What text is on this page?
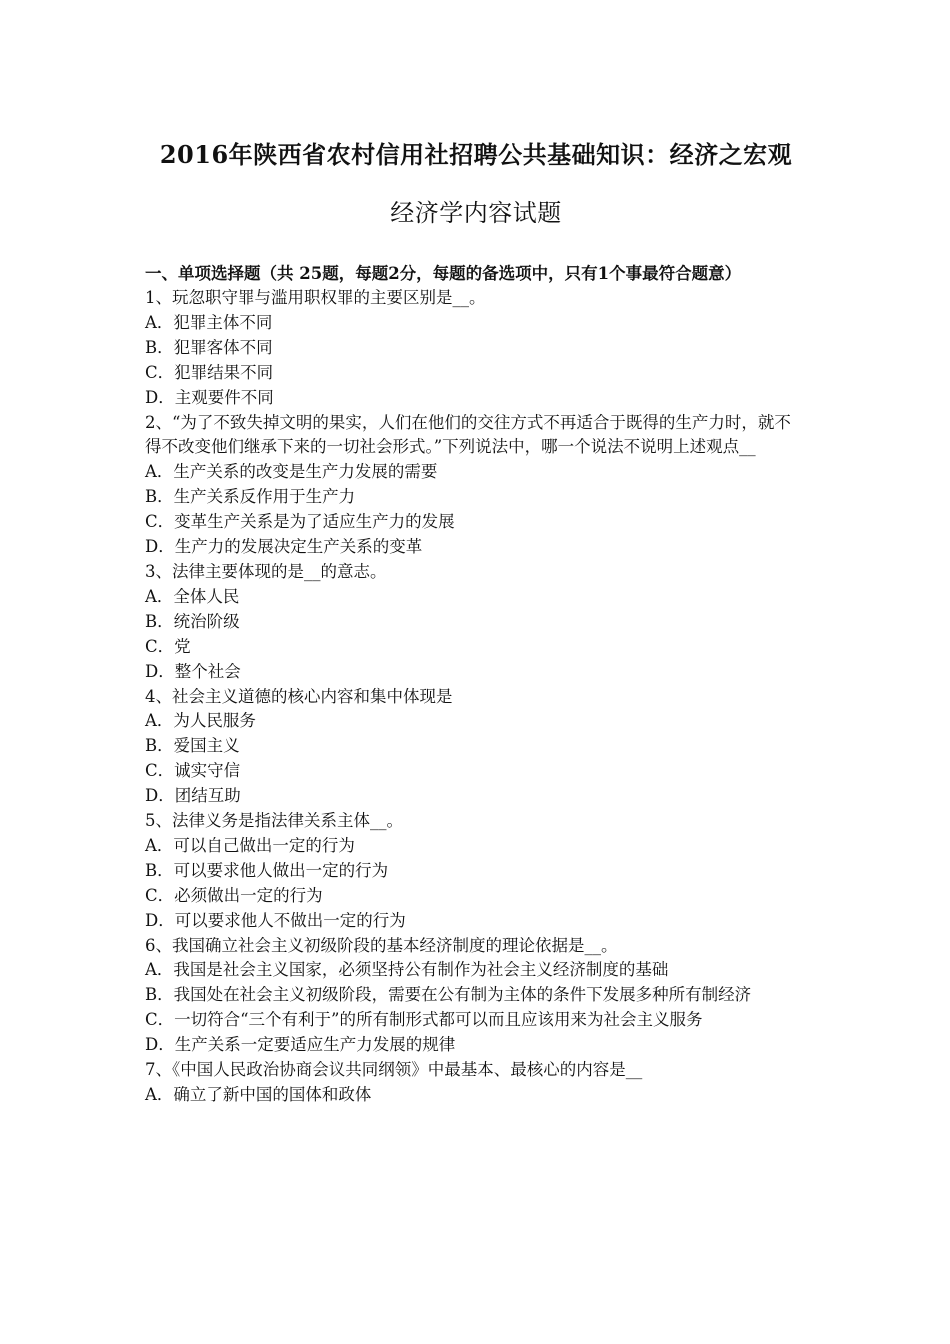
2016年陕西省农村信用社招聘公共基础知识：经济之宏观
经济学内容试题
一、单项选择题（共 25题，每题2分，每题的备选项中，只有1个事最符合题意）

1、玩忽职守罪与滥用职权罪的主要区别是__。

A．犯罪主体不同

B．犯罪客体不同

C．犯罪结果不同

D．主观要件不同

2、“为了不致失掉文明的果实，人们在他们的交往方式不再适合于既得的生产力时，就不得不改变他们继承下来的一切社会形式。”下列说法中，哪一个说法不说明上述观点__

A．生产关系的改变是生产力发展的需要

B．生产关系反作用于生产力

C．变革生产关系是为了适应生产力的发展

D．生产力的发展决定生产关系的变革

3、法律主要体现的是__的意志。

A．全体人民

B．统治阶级

C．党

D．整个社会

4、社会主义道德的核心内容和集中体现是

A．为人民服务

B．爱国主义

C．诚实守信

D．团结互助

5、法律义务是指法律关系主体__。

A．可以自己做出一定的行为

B．可以要求他人做出一定的行为

C．必须做出一定的行为

D．可以要求他人不做出一定的行为

6、我国确立社会主义初级阶段的基本经济制度的理论依据是__。

A．我国是社会主义国家，必须坚持公有制作为社会主义经济制度的基础

B．我国处在社会主义初级阶段，需要在公有制为主体的条件下发展多种所有制经济

C．一切符合“三个有利于”的所有制形式都可以而且应该用来为社会主义服务

D．生产关系一定要适应生产力发展的规律

7、《中国人民政治协商会议共同纲领》中最基本、最核心的内容是__

A．确立了新中国的国体和政体
